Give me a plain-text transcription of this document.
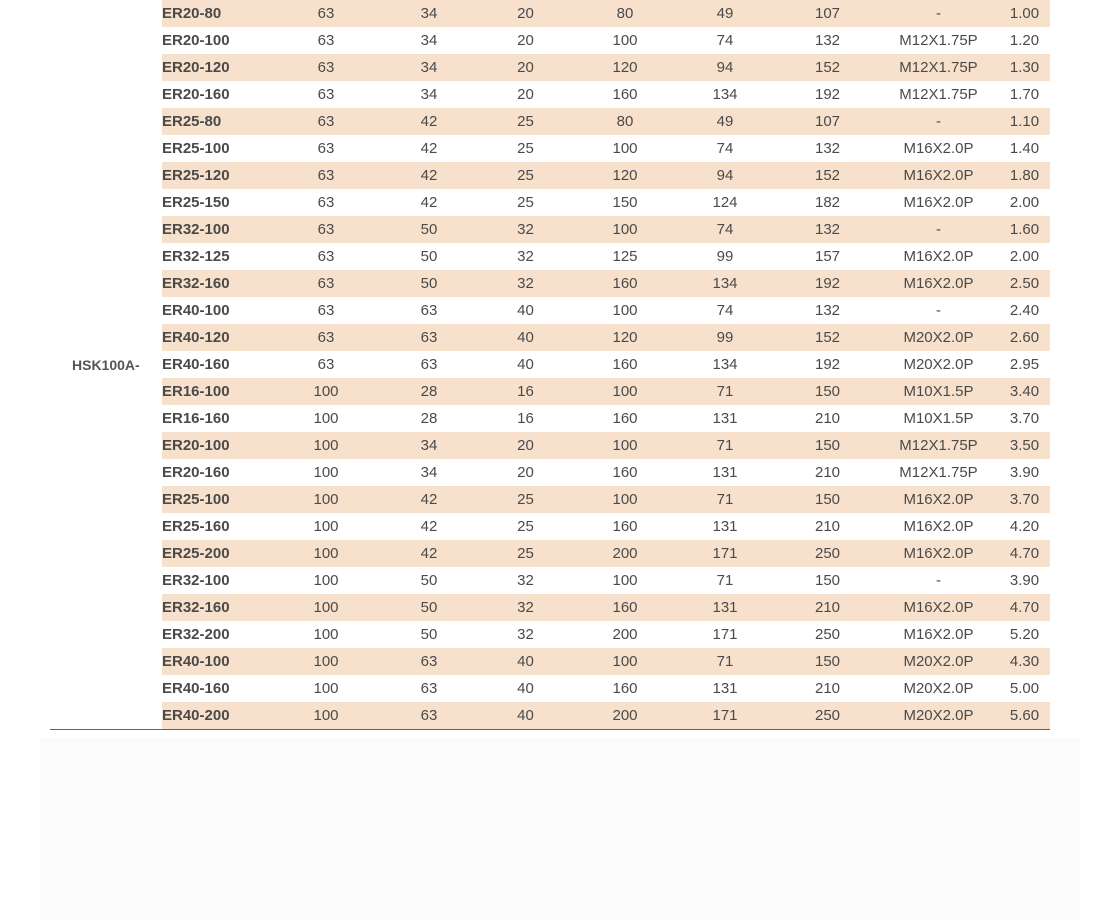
HSK100A-	ER20-80	63	34	20	80	49	107	-	1.00
	ER20-100	63	34	20	100	74	132	M12X1.75P	1.20
	ER20-120	63	34	20	120	94	152	M12X1.75P	1.30
	ER20-160	63	34	20	160	134	192	M12X1.75P	1.70
	ER25-80	63	42	25	80	49	107	-	1.10
	ER25-100	63	42	25	100	74	132	M16X2.0P	1.40
	ER25-120	63	42	25	120	94	152	M16X2.0P	1.80
	ER25-150	63	42	25	150	124	182	M16X2.0P	2.00
	ER32-100	63	50	32	100	74	132	-	1.60
	ER32-125	63	50	32	125	99	157	M16X2.0P	2.00
	ER32-160	63	50	32	160	134	192	M16X2.0P	2.50
	ER40-100	63	63	40	100	74	132	-	2.40
	ER40-120	63	63	40	120	99	152	M20X2.0P	2.60
	ER40-160	63	63	40	160	134	192	M20X2.0P	2.95
	ER16-100	100	28	16	100	71	150	M10X1.5P	3.40
	ER16-160	100	28	16	160	131	210	M10X1.5P	3.70
	ER20-100	100	34	20	100	71	150	M12X1.75P	3.50
	ER20-160	100	34	20	160	131	210	M12X1.75P	3.90
	ER25-100	100	42	25	100	71	150	M16X2.0P	3.70
	ER25-160	100	42	25	160	131	210	M16X2.0P	4.20
	ER25-200	100	42	25	200	171	250	M16X2.0P	4.70
	ER32-100	100	50	32	100	71	150	-	3.90
	ER32-160	100	50	32	160	131	210	M16X2.0P	4.70
	ER32-200	100	50	32	200	171	250	M16X2.0P	5.20
	ER40-100	100	63	40	100	71	150	M20X2.0P	4.30
	ER40-160	100	63	40	160	131	210	M20X2.0P	5.00
	ER40-200	100	63	40	200	171	250	M20X2.0P	5.60
